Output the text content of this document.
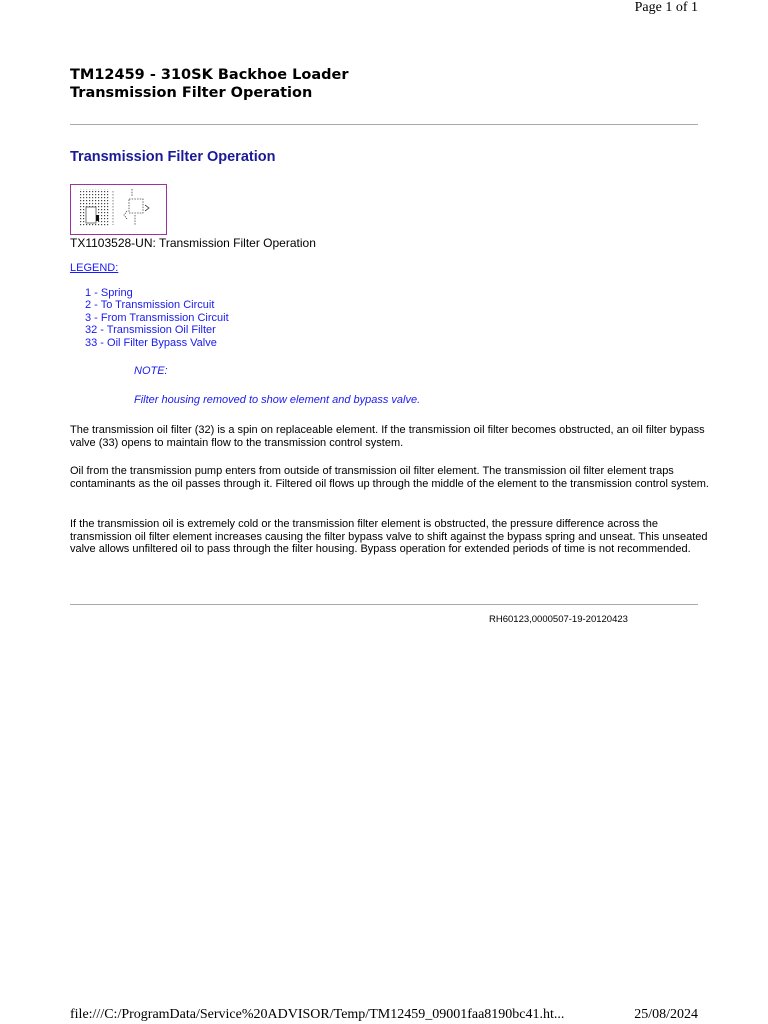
Page 1 of 1
TM12459 - 310SK Backhoe Loader
Transmission Filter Operation
Transmission Filter Operation
TX1103528-UN: Transmission Filter Operation
LEGEND:
1 - Spring
2 - To Transmission Circuit
3 - From Transmission Circuit
32 - Transmission Oil Filter
33 - Oil Filter Bypass Valve
NOTE:
Filter housing removed to show element and bypass valve.

The transmission oil filter (32) is a spin on replaceable element. If the transmission oil filter becomes obstructed, an oil filter bypass valve (33) opens to maintain flow to the transmission control system.

Oil from the transmission pump enters from outside of transmission oil filter element. The transmission oil filter element traps contaminants as the oil passes through it. Filtered oil flows up through the middle of the element to the transmission control system.

If the transmission oil is extremely cold or the transmission filter element is obstructed, the pressure difference across the transmission oil filter element increases causing the filter bypass valve to shift against the bypass spring and unseat. This unseated valve allows unfiltered oil to pass through the filter housing. Bypass operation for extended periods of time is not recommended.

RH60123,0000507-19-20120423
file:///C:/ProgramData/Service%20ADVISOR/Temp/TM12459_09001faa8190bc41.ht...	25/08/2024
